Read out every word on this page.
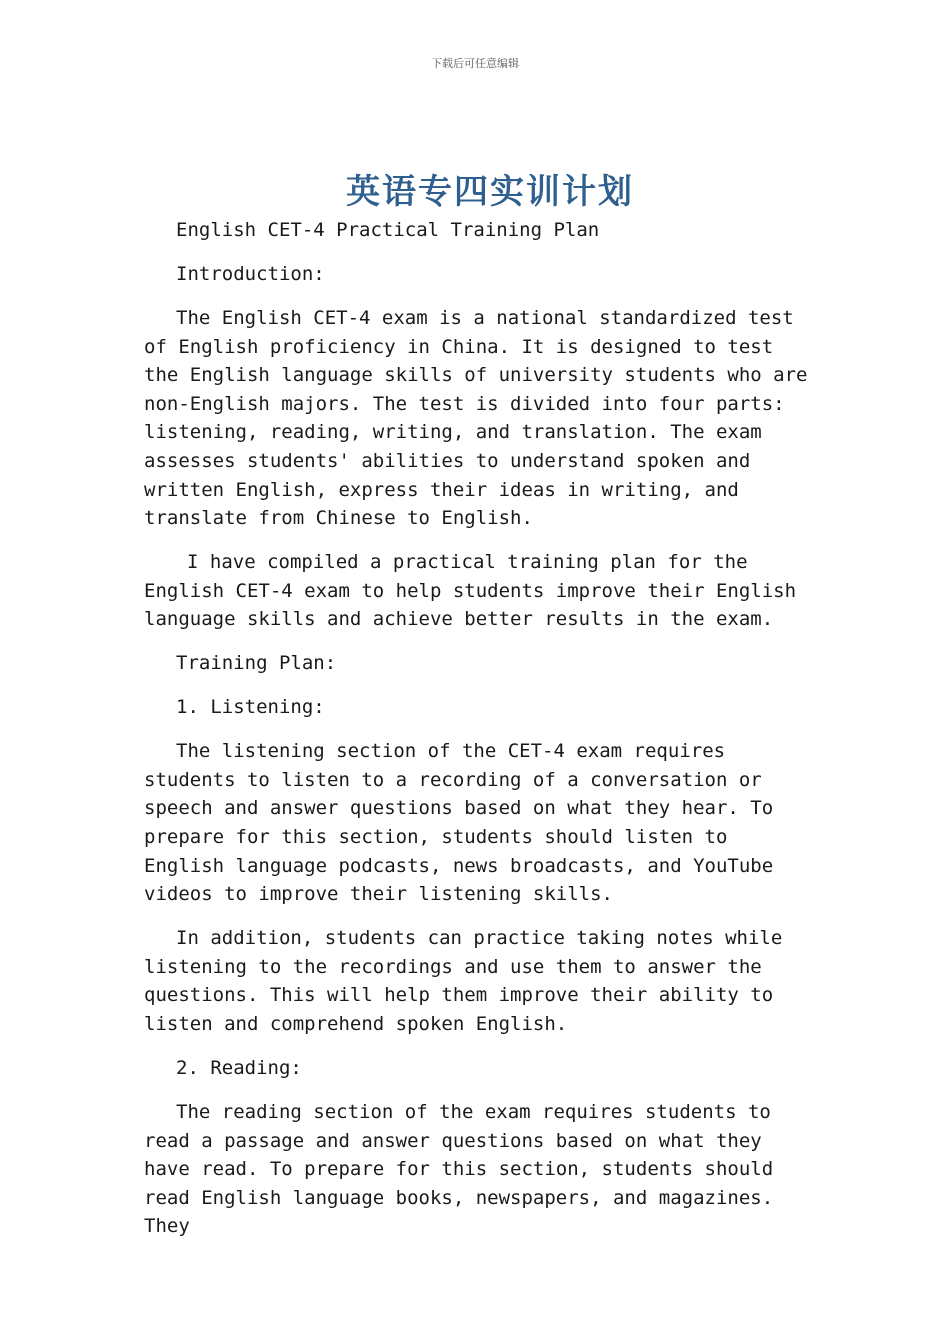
下载后可任意编辑
英语专四实训计划

English CET-4 Practical Training Plan

Introduction:

The English CET-4 exam is a national standardized test of English proficiency in China. It is designed to test the English language skills of university students who are non-English majors. The test is divided into four parts: listening, reading, writing, and translation. The exam assesses students' abilities to understand spoken and written English, express their ideas in writing, and translate from Chinese to English.

I have compiled a practical training plan for the English CET-4 exam to help students improve their English language skills and achieve better results in the exam.

Training Plan:

1. Listening:

The listening section of the CET-4 exam requires students to listen to a recording of a conversation or speech and answer questions based on what they hear. To prepare for this section, students should listen to English language podcasts, news broadcasts, and YouTube videos to improve their listening skills.

In addition, students can practice taking notes while listening to the recordings and use them to answer the questions. This will help them improve their ability to listen and comprehend spoken English.

2. Reading:

The reading section of the exam requires students to read a passage and answer questions based on what they have read. To prepare for this section, students should read English language books, newspapers, and magazines. They
